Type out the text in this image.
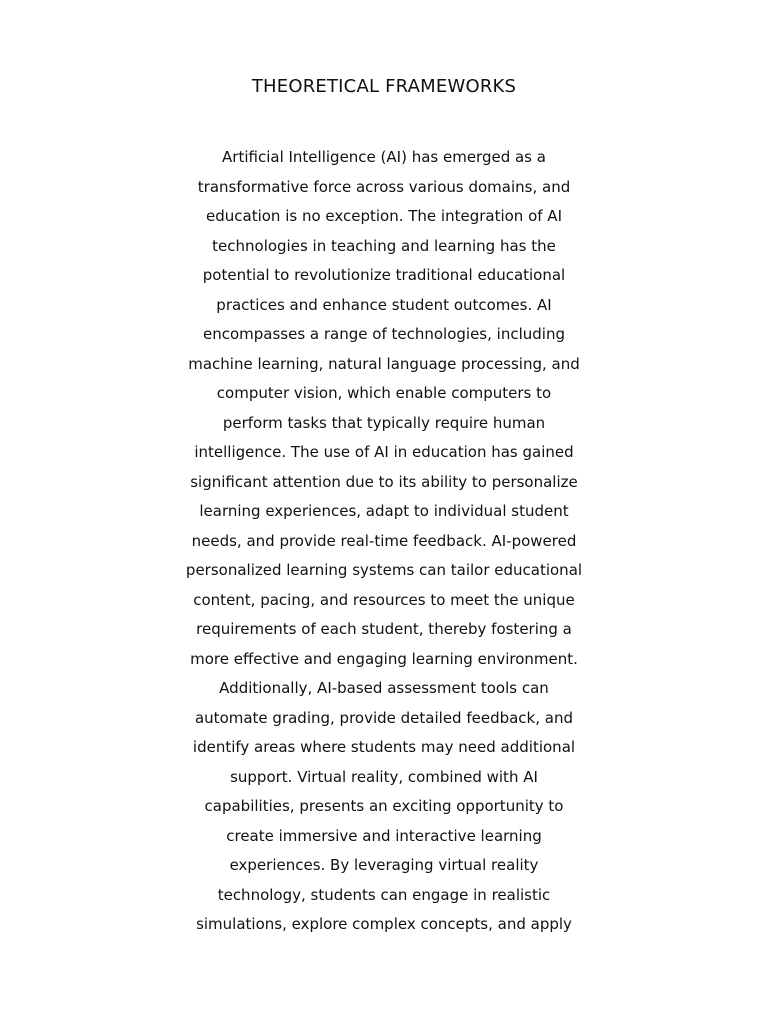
THEORETICAL FRAMEWORKS
Artificial Intelligence (AI) has emerged as a
transformative force across various domains, and
education is no exception. The integration of AI
technologies in teaching and learning has the
potential to revolutionize traditional educational
practices and enhance student outcomes. AI
encompasses a range of technologies, including
machine learning, natural language processing, and
computer vision, which enable computers to
perform tasks that typically require human
intelligence. The use of AI in education has gained
significant attention due to its ability to personalize
learning experiences, adapt to individual student
needs, and provide real-time feedback. AI-powered
personalized learning systems can tailor educational
content, pacing, and resources to meet the unique
requirements of each student, thereby fostering a
more effective and engaging learning environment.
Additionally, AI-based assessment tools can
automate grading, provide detailed feedback, and
identify areas where students may need additional
support. Virtual reality, combined with AI
capabilities, presents an exciting opportunity to
create immersive and interactive learning
experiences. By leveraging virtual reality
technology, students can engage in realistic
simulations, explore complex concepts, and apply
